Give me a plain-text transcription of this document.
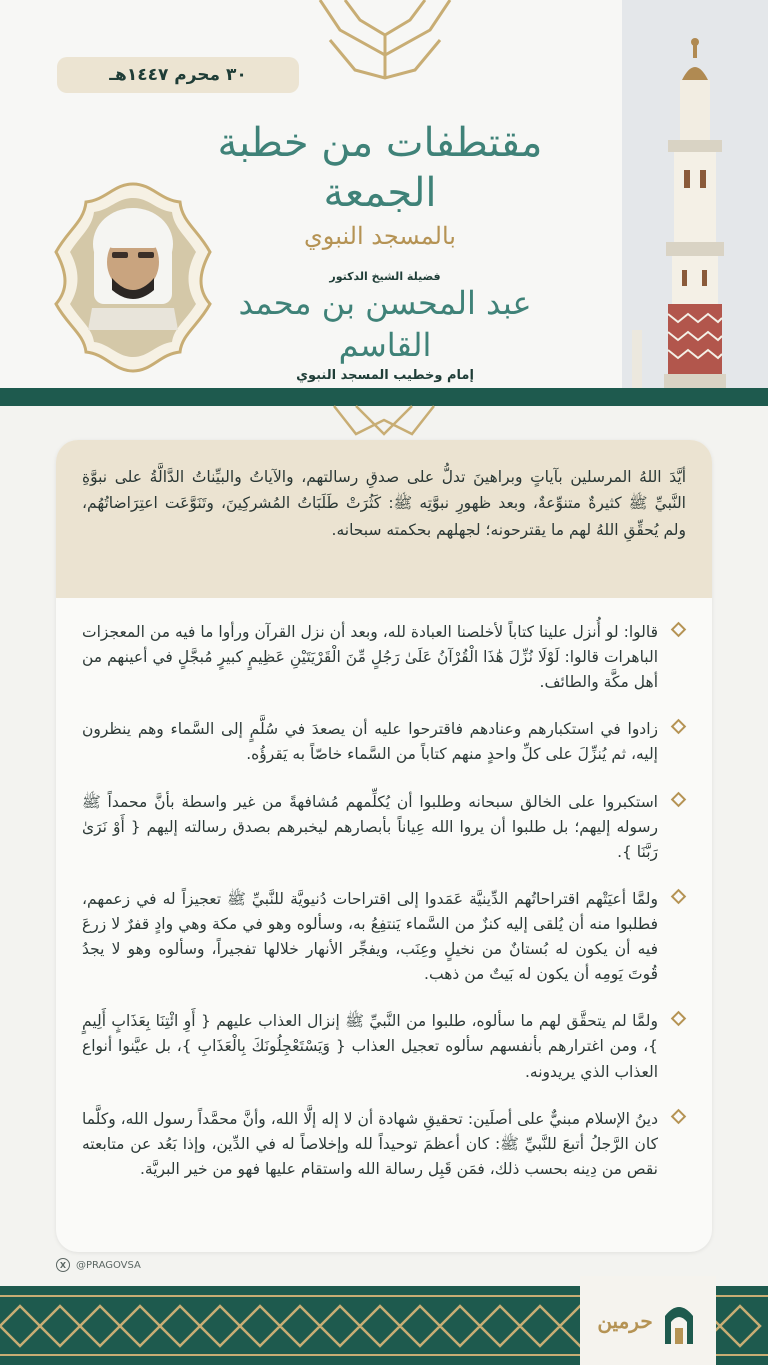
٣٠ محرم ١٤٤٧هـ
مقتطفات من خطبة الجمعة
بالمسجد النبوي
فضيلة الشيخ الدكتور
عبد المحسن بن محمد القاسم
إمام وخطيب المسجد النبوي
أيَّدَ اللهُ المرسلين بآياتٍ وبراهينَ تدلُّ على صدقِ رسالتهم، والآياتُ والبيِّناتُ الدَّالَّةُ على نبوَّةِ النَّبيِّ ﷺ كثيرةٌ متنوِّعةٌ، وبعد ظهورِ نبوَّتِه ﷺ: كَثُرَتْ طَلَبَاتُ المُشركِينَ، وتَنَوَّعَت اعتِرَاضاتُهُم، ولم يُحقِّقِ اللهُ لهم ما يقترحونه؛ لجهلهم بحكمته سبحانه.
قالوا: لو أُنزل علينا كتاباً لأخلصنا العبادة لله، وبعد أن نزل القرآن ورأوا ما فيه من المعجزات الباهرات قالوا: لَوْلَا نُزِّلَ هَٰذَا الْقُرْآنُ عَلَىٰ رَجُلٍ مِّنَ الْقَرْيَتَيْنِ عَظِيمٍ كبيرٍ مُبجَّلٍ في أعينهم من أهل مكَّة والطائف.
زادوا في استكبارهم وعنادهم فاقترحوا عليه أن يصعدَ في سُلَّمٍ إلى السَّماء وهم ينظرون إليه، ثم يُنزِّلَ على كلِّ واحدٍ منهم كتاباً من السَّماء خاصّاً به يَقرؤُه.
استكبروا على الخالق سبحانه وطلبوا أن يُكلِّمهم مُشافهةً من غير واسطة بأنَّ محمداً ﷺ رسوله إليهم؛ بل طلبوا أن يروا الله عِياناً بأبصارهم ليخبرهم بصدق رسالته إليهم { أَوْ نَرَىٰ رَبَّنَا }.
ولمَّا أعيَتْهم اقتراحاتُهم الدِّينيَّة عَمَدوا إلى اقتراحات دُنيويَّة للنَّبيِّ ﷺ تعجيزاً له في زعمهم، فطلبوا منه أن يُلقى إليه كنزٌ من السَّماء يَنتفِعُ به، وسألوه وهو في مكة وهي وادٍ قفرٌ لا زرعَ فيه أن يكون له بُستانٌ من نخيلٍ وعِنَب، ويفجِّر الأنهار خلالها تفجيراً، وسألوه وهو لا يجدُ قُوتَ يَومِه أن يكون له بَيتٌ من ذهب.
ولمَّا لم يتحقَّق لهم ما سألوه، طلبوا من النَّبيِّ ﷺ إنزال العذاب عليهم { أَوِ ائْتِنَا بِعَذَابٍ أَلِيمٍ }، ومن اغترارهم بأنفسهم سألوه تعجيل العذاب { وَيَسْتَعْجِلُونَكَ بِالْعَذَابِ }، بل عيَّنوا أنواع العذاب الذي يريدونه.
دينُ الإسلام مبنيٌّ على أصلَين: تحقيقِ شهادة أن لا إله إلَّا الله، وأنَّ محمَّداً رسول الله، وكلَّما كان الرَّجلُ أتبعَ للنَّبيِّ ﷺ: كان أعظمَ توحيداً لله وإخلاصاً له في الدِّين، وإذا بَعُد عن متابعته نقص من دِينه بحسب ذلك، فمَن قَبِل رسالة الله واستقام عليها فهو من خير البريَّة.
X @PRAGOVSA
حرمين
